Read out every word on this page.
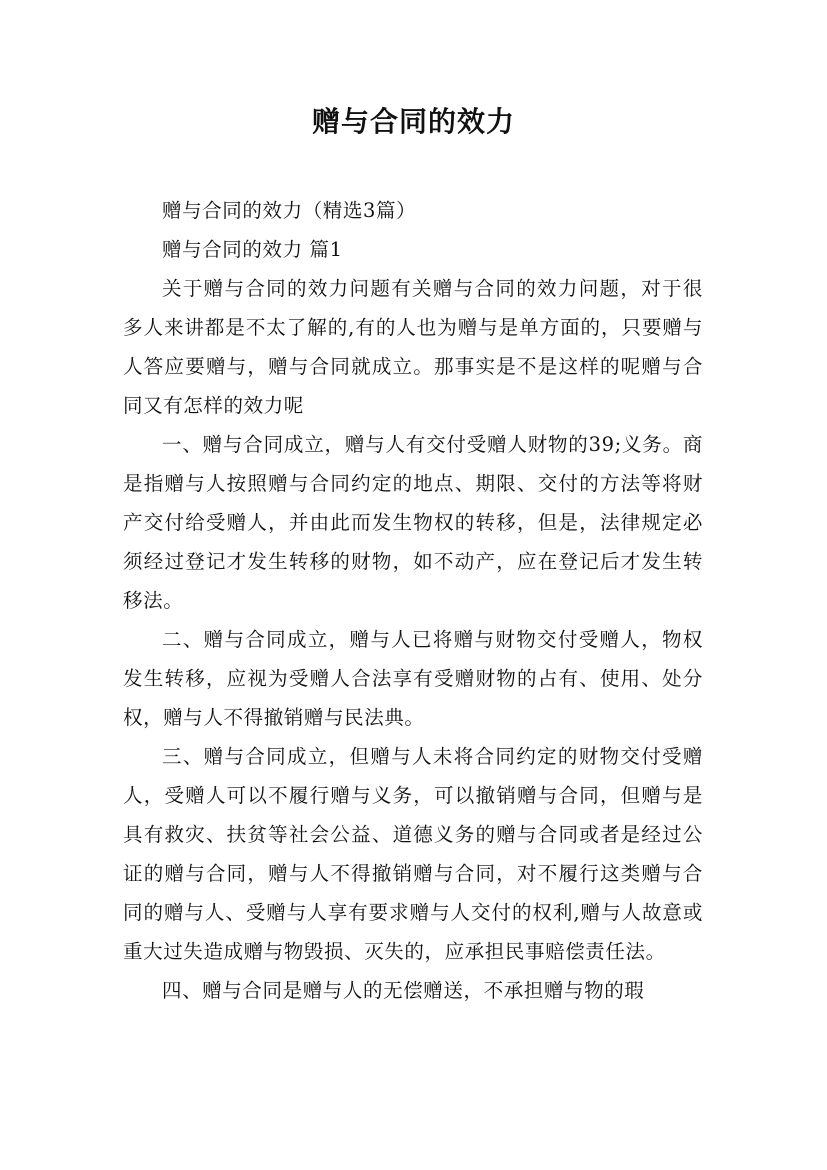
赠与合同的效力

赠与合同的效力（精选3篇）

赠与合同的效力 篇1

关于赠与合同的效力问题有关赠与合同的效力问题，对于很多人来讲都是不太了解的,有的人也为赠与是单方面的，只要赠与人答应要赠与，赠与合同就成立。那事实是不是这样的呢赠与合同又有怎样的效力呢

一、赠与合同成立，赠与人有交付受赠人财物的39;义务。商是指赠与人按照赠与合同约定的地点、期限、交付的方法等将财产交付给受赠人，并由此而发生物权的转移，但是，法律规定必须经过登记才发生转移的财物，如不动产，应在登记后才发生转移法。

二、赠与合同成立，赠与人已将赠与财物交付受赠人，物权发生转移，应视为受赠人合法享有受赠财物的占有、使用、处分权，赠与人不得撤销赠与民法典。

三、赠与合同成立，但赠与人未将合同约定的财物交付受赠人，受赠人可以不履行赠与义务，可以撤销赠与合同，但赠与是具有救灾、扶贫等社会公益、道德义务的赠与合同或者是经过公证的赠与合同，赠与人不得撤销赠与合同，对不履行这类赠与合同的赠与人、受赠与人享有要求赠与人交付的权利,赠与人故意或重大过失造成赠与物毁损、灭失的，应承担民事赔偿责任法。

四、赠与合同是赠与人的无偿赠送，不承担赠与物的瑕
